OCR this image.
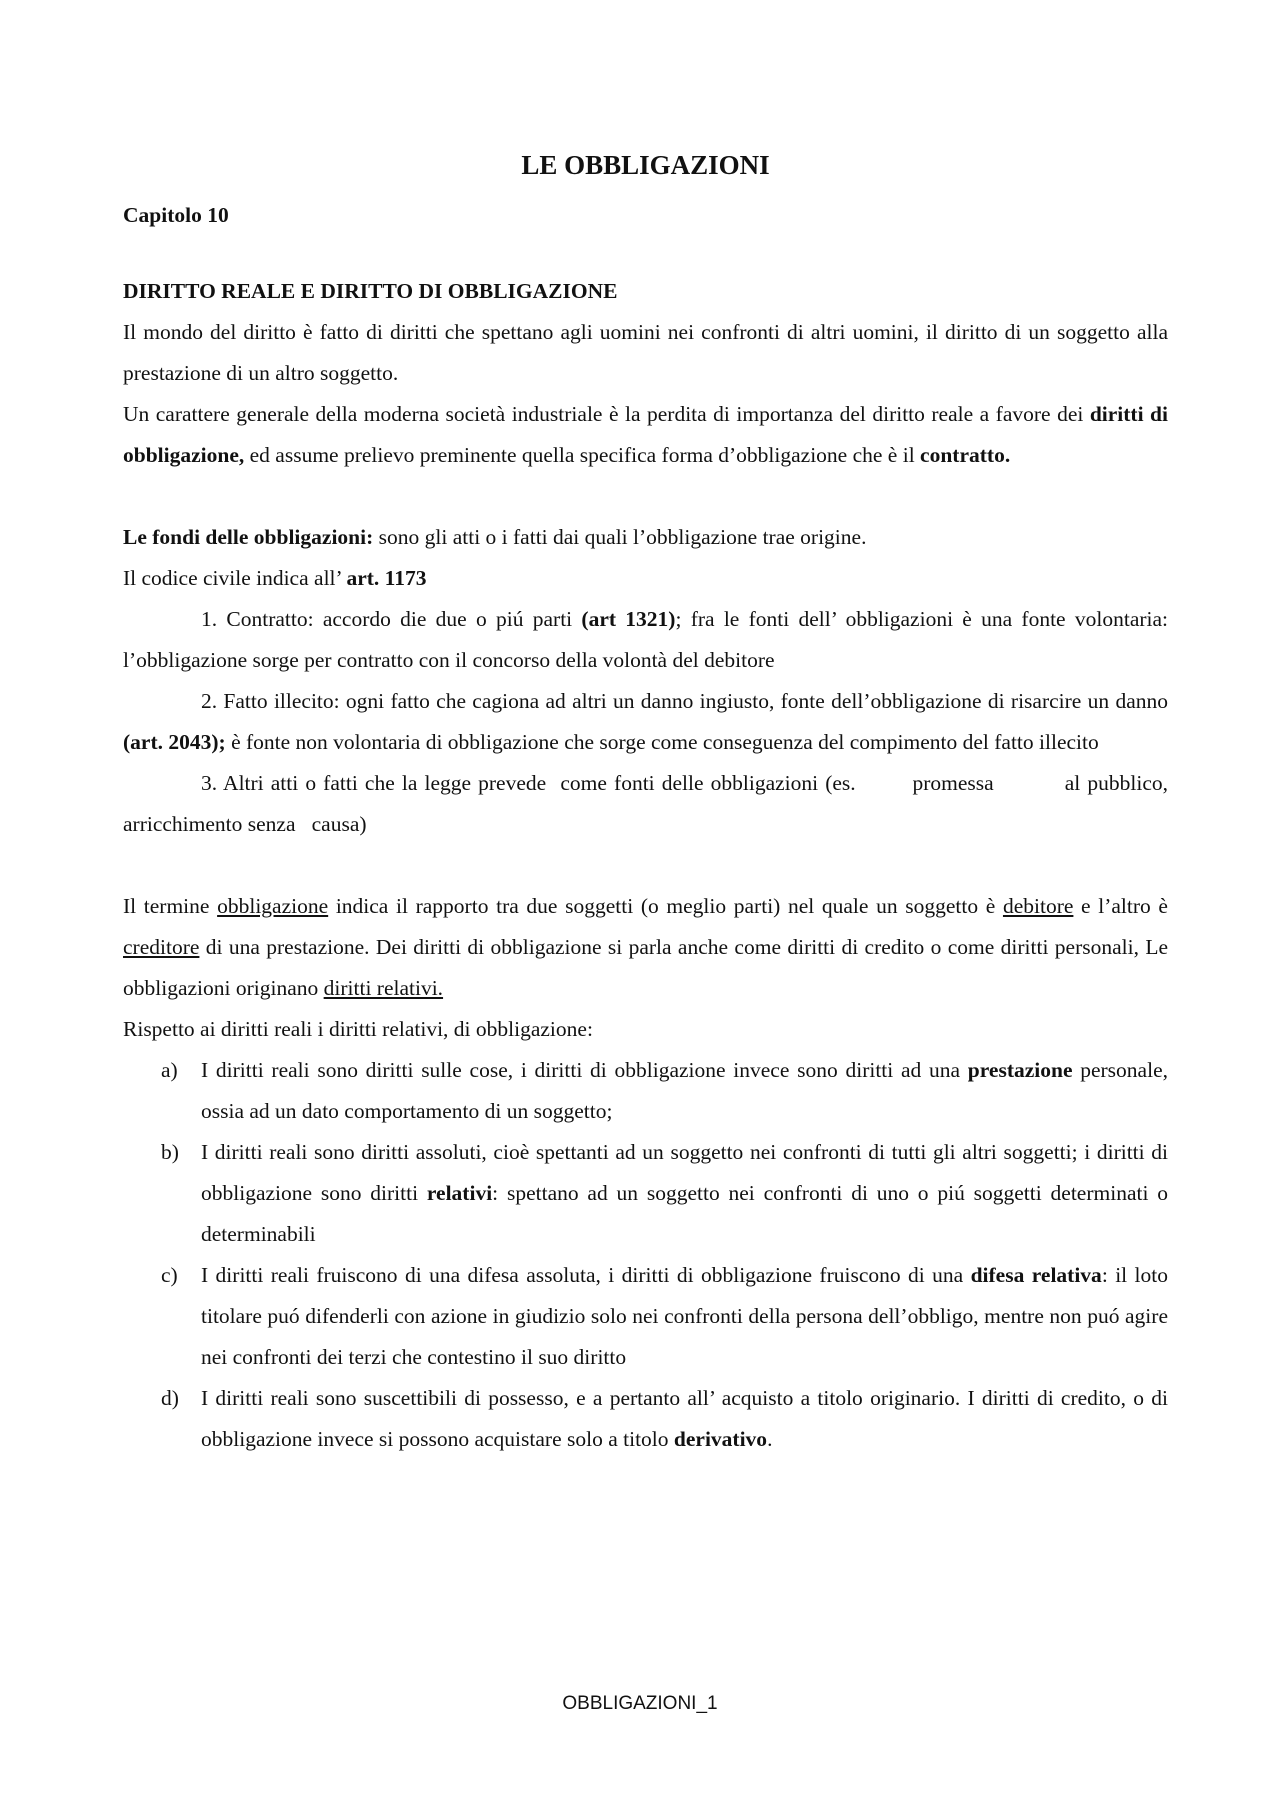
LE OBBLIGAZIONI
Capitolo 10
DIRITTO REALE E DIRITTO DI OBBLIGAZIONE

Il mondo del diritto è fatto di diritti che spettano agli uomini nei confronti di altri uomini, il diritto di un soggetto alla prestazione di un altro soggetto.

Un carattere generale della moderna società industriale è la perdita di importanza del diritto reale a favore dei diritti di obbligazione, ed assume prelievo preminente quella specifica forma d’obbligazione che è il contratto.

Le fondi delle obbligazioni: sono gli atti o i fatti dai quali l’obbligazione trae origine.

Il codice civile indica all’ art. 1173

1. Contratto: accordo die due o piú parti (art 1321); fra le fonti dell’ obbligazioni è una fonte volontaria: l’obbligazione sorge per contratto con il concorso della volontà del debitore

2. Fatto illecito: ogni fatto che cagiona ad altri un danno ingiusto, fonte dell’obbligazione di risarcire un danno (art. 2043); è fonte non volontaria di obbligazione che sorge come conseguenza del compimento del fatto illecito

3. Altri atti o fatti che la legge prevede  come fonti delle obbligazioni (es.        promessa          al pubblico, arricchimento senza   causa)

Il termine obbligazione indica il rapporto tra due soggetti (o meglio parti) nel quale un soggetto è debitore e l’altro è creditore di una prestazione. Dei diritti di obbligazione si parla anche come diritti di credito o come diritti personali, Le obbligazioni originano diritti relativi.

Rispetto ai diritti reali i diritti relativi, di obbligazione:

a) I diritti reali sono diritti sulle cose, i diritti di obbligazione invece sono diritti ad una prestazione personale, ossia ad un dato comportamento di un soggetto;
b) I diritti reali sono diritti assoluti, cioè spettanti ad un soggetto nei confronti di tutti gli altri soggetti; i diritti di obbligazione sono diritti relativi: spettano ad un soggetto nei confronti di uno o piú soggetti determinati o determinabili
c) I diritti reali fruiscono di una difesa assoluta, i diritti di obbligazione fruiscono di una difesa relativa: il loto titolare puó difenderli con azione in giudizio solo nei confronti della persona dell’obbligo, mentre non puó agire nei confronti dei terzi che contestino il suo diritto
d) I diritti reali sono suscettibili di possesso, e a pertanto all’ acquisto a titolo originario. I diritti di credito, o di obbligazione invece si possono acquistare solo a titolo derivativo.
OBBLIGAZIONI_1
